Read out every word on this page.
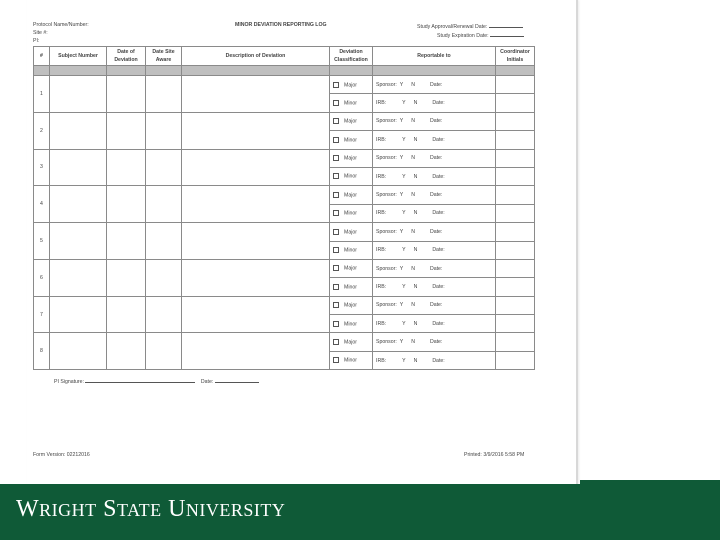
Protocol Name/Number:
Site #:
PI:
MINOR DEVIATION REPORTING LOG	Study Approval/Renewal Date:
Study Expiration Date:
#	Subject Number	Date of Deviation	Date Site Aware	Description of Deviation	Deviation Classification	Reportable to	Coordinator Initials

1					Major	Sponsor: Y N Date:	
					Minor	IRB: Y N Date:	
2					Major	Sponsor: Y N Date:	
					Minor	IRB: Y N Date:	
3					Major	Sponsor: Y N Date:	
					Minor	IRB: Y N Date:	
4					Major	Sponsor: Y N Date:	
					Minor	IRB: Y N Date:	
5					Major	Sponsor: Y N Date:	
					Minor	IRB: Y N Date:	
6					Major	Sponsor: Y N Date:	
					Minor	IRB: Y N Date:	
7					Major	Sponsor: Y N Date:	
					Minor	IRB: Y N Date:	
8					Major	Sponsor: Y N Date:	
					Minor	IRB: Y N Date:	
PI Signature:	Date:
Form Version: 02212016	Printed: 3/9/2016 5:58 PM
WRIGHT STATE UNIVERSITY
